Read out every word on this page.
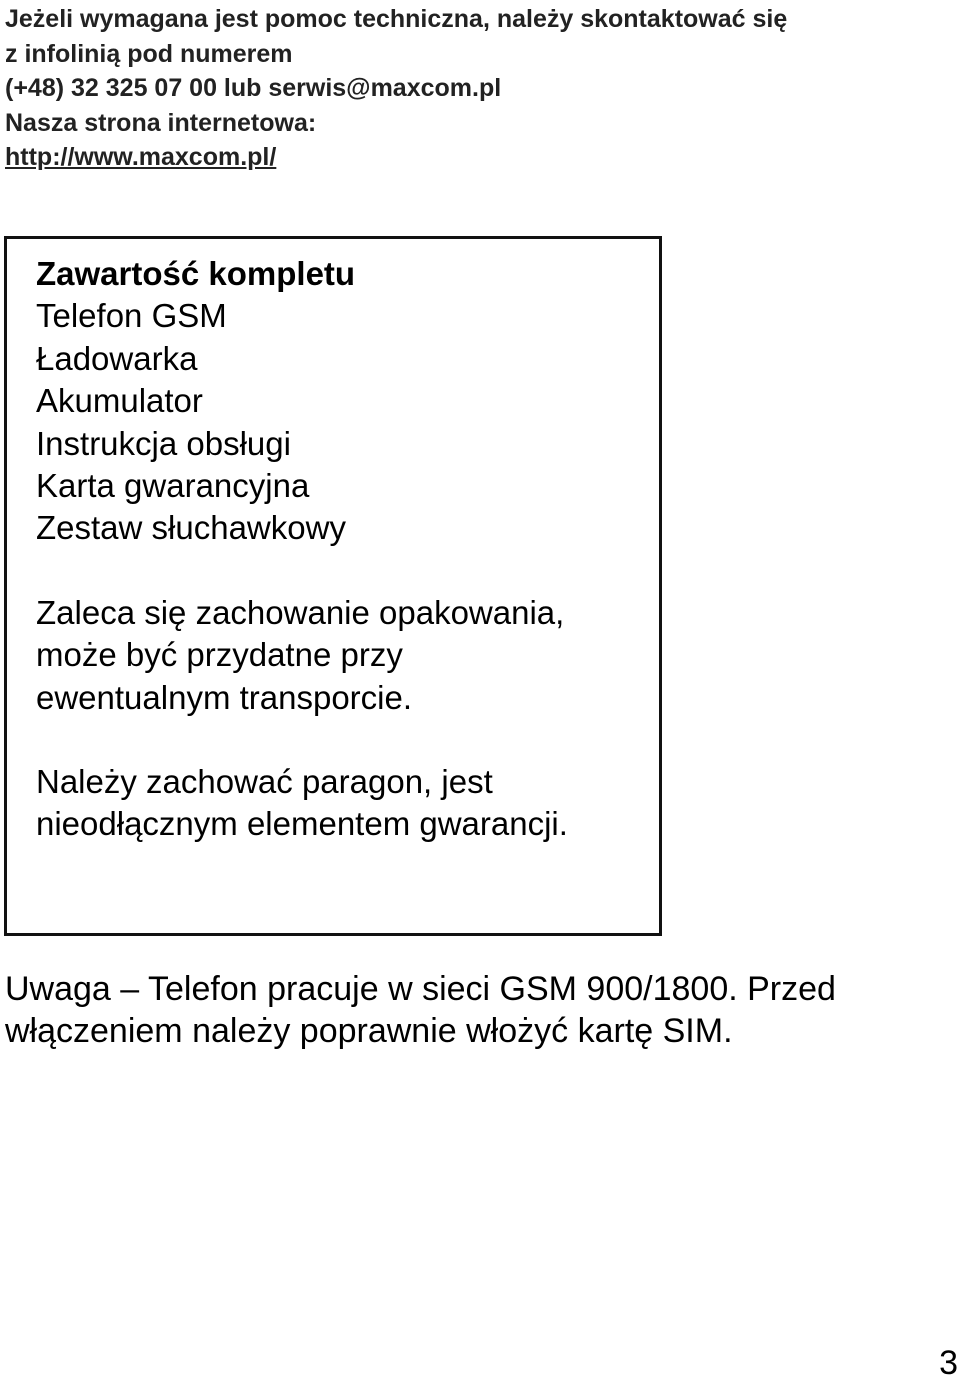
Jeżeli wymagana jest pomoc techniczna, należy skontaktować się
z infolinią pod numerem
(+48) 32 325 07 00 lub serwis@maxcom.pl
Nasza strona internetowa:
http://www.maxcom.pl/
Zawartość kompletu
Telefon GSM
Ładowarka
Akumulator
Instrukcja obsługi
Karta gwarancyjna
Zestaw słuchawkowy
Zaleca się zachowanie opakowania,
może być przydatne przy
ewentualnym transporcie.
Należy zachować paragon, jest
nieodłącznym elementem gwarancji.
Uwaga – Telefon pracuje w sieci GSM 900/1800. Przed
włączeniem należy poprawnie włożyć kartę SIM.
3
